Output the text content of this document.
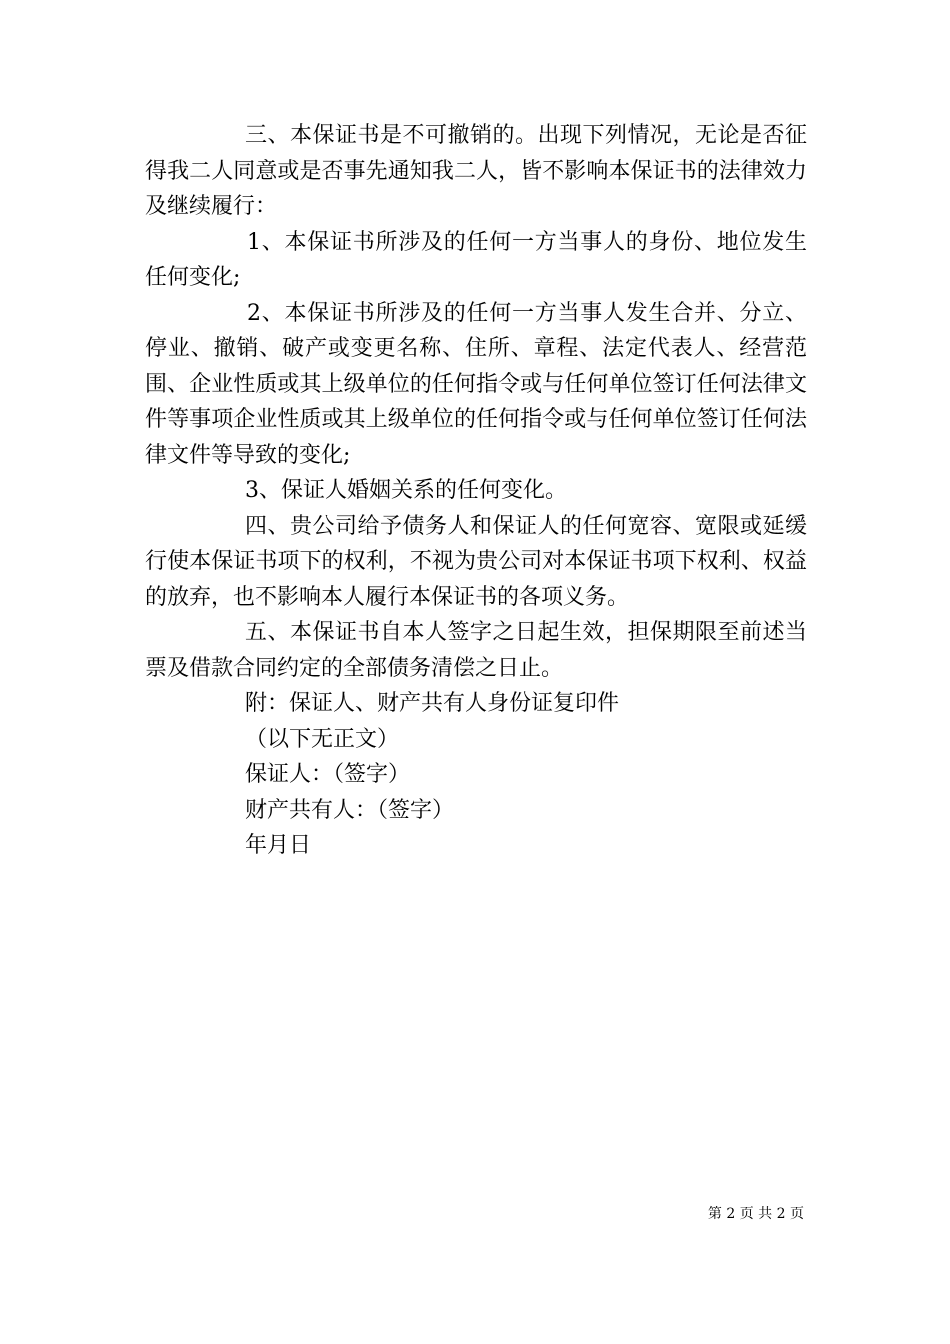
三、本保证书是不可撤销的。出现下列情况，无论是否征得我二人同意或是否事先通知我二人，皆不影响本保证书的法律效力及继续履行：

1、本保证书所涉及的任何一方当事人的身份、地位发生任何变化;

2、本保证书所涉及的任何一方当事人发生合并、分立、停业、撤销、破产或变更名称、住所、章程、法定代表人、经营范围、企业性质或其上级单位的任何指令或与任何单位签订任何法律文件等事项企业性质或其上级单位的任何指令或与任何单位签订任何法律文件等导致的变化;

3、保证人婚姻关系的任何变化。

四、贵公司给予债务人和保证人的任何宽容、宽限或延缓行使本保证书项下的权利，不视为贵公司对本保证书项下权利、权益的放弃，也不影响本人履行本保证书的各项义务。

五、本保证书自本人签字之日起生效，担保期限至前述当票及借款合同约定的全部债务清偿之日止。

附：保证人、财产共有人身份证复印件

（以下无正文）

保证人：（签字）

财产共有人：（签字）

年月日

第 2 页 共 2 页
